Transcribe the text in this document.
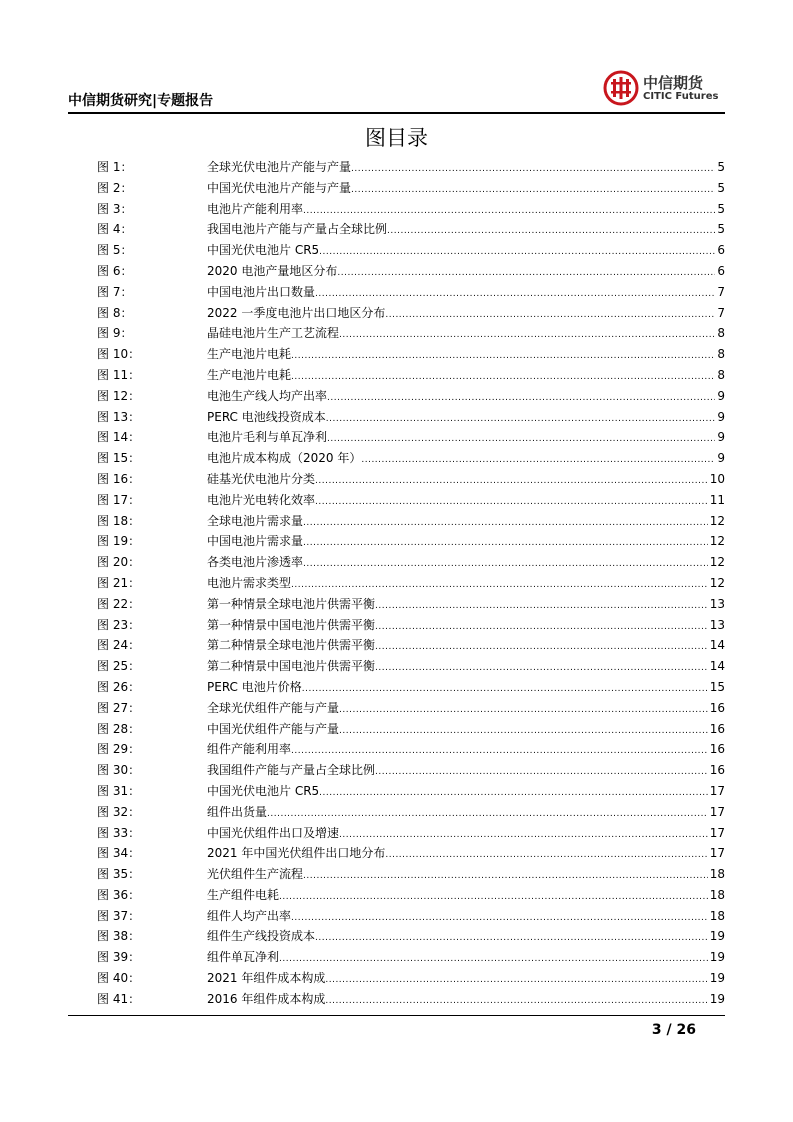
中信期货研究|专题报告
中信期货
CITIC Futures
图目录
图 1：	全球光伏电池片产能与产量 .....	5
图 2：	中国光伏电池片产能与产量 .....	5
图 3：	电池片产能利用率 .....	5
图 4：	我国电池片产能与产量占全球比例 .....	5
图 5：	中国光伏电池片 CR5 .....	6
图 6：	2020 电池产量地区分布 .....	6
图 7：	中国电池片出口数量 .....	7
图 8：	2022 一季度电池片出口地区分布 .....	7
图 9：	晶硅电池片生产工艺流程 .....	8
图 10：	生产电池片电耗 .....	8
图 11：	生产电池片电耗 .....	8
图 12：	电池生产线人均产出率 .....	9
图 13：	PERC 电池线投资成本 .....	9
图 14：	电池片毛利与单瓦净利 .....	9
图 15：	电池片成本构成（2020 年） .....	9
图 16：	硅基光伏电池片分类 .....	10
图 17：	电池片光电转化效率 .....	11
图 18：	全球电池片需求量 .....	12
图 19：	中国电池片需求量 .....	12
图 20：	各类电池片渗透率 .....	12
图 21：	电池片需求类型 .....	12
图 22：	第一种情景全球电池片供需平衡 .....	13
图 23：	第一种情景中国电池片供需平衡 .....	13
图 24：	第二种情景全球电池片供需平衡 .....	14
图 25：	第二种情景中国电池片供需平衡 .....	14
图 26：	PERC 电池片价格 .....	15
图 27：	全球光伏组件产能与产量 .....	16
图 28：	中国光伏组件产能与产量 .....	16
图 29：	组件产能利用率 .....	16
图 30：	我国组件产能与产量占全球比例 .....	16
图 31：	中国光伏电池片 CR5 .....	17
图 32：	组件出货量 .....	17
图 33：	中国光伏组件出口及增速 .....	17
图 34：	2021 年中国光伏组件出口地分布 .....	17
图 35：	光伏组件生产流程 .....	18
图 36：	生产组件电耗 .....	18
图 37：	组件人均产出率 .....	18
图 38：	组件生产线投资成本 .....	19
图 39：	组件单瓦净利 .....	19
图 40：	2021 年组件成本构成 .....	19
图 41：	2016 年组件成本构成 .....	19
3 / 26
